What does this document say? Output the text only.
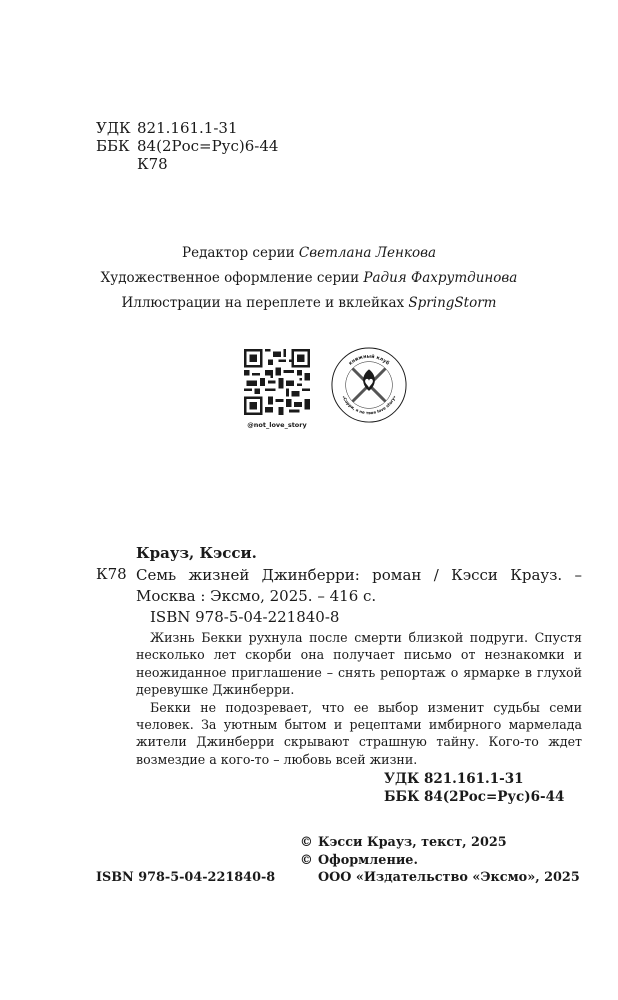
УДК 821.161.1-31
ББК 84(2Рос=Рус)6-44
К78
Редактор серии Светлана Ленкова
Художественное оформление серии Радия Фахрутдинова
Иллюстрации на переплете и вклейках SpringStorm
@not_love_story
книжный клуб
«Сорри, я не твоя love story»
Крауз, Кэсси.
К78 Семь жизней Джинберри: роман / Кэсси Крауз. – Москва : Эксмо, 2025. – 416 с.
ISBN 978-5-04-221840-8

Жизнь Бекки рухнула после смерти близкой подруги. Спустя несколько лет скорби она получает письмо от незнакомки и неожиданное приглашение – снять репортаж о ярмарке в глухой деревушке Джинберри.

Бекки не подозревает, что ее выбор изменит судьбы семи человек. За уютным бытом и рецептами имбирного мармелада жители Джинберри скрывают страшную тайну. Кого-то ждет возмездие а кого-то – любовь всей жизни.

УДК 821.161.1-31
ББК 84(2Рос=Рус)6-44
© Кэсси Крауз, текст, 2025
© Оформление.
ООО «Издательство «Эксмо», 2025
ISBN 978-5-04-221840-8
